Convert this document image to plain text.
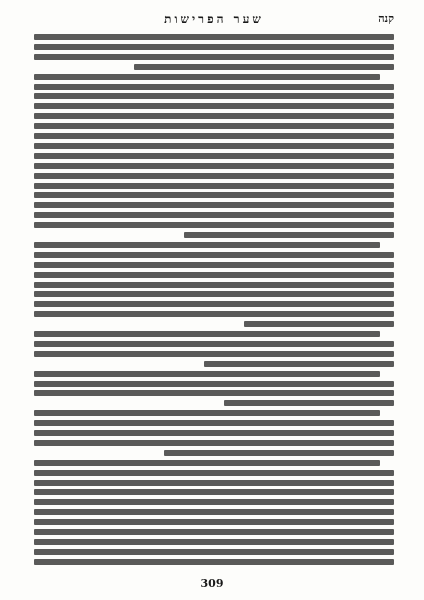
שער הפרישות	קנה
309
